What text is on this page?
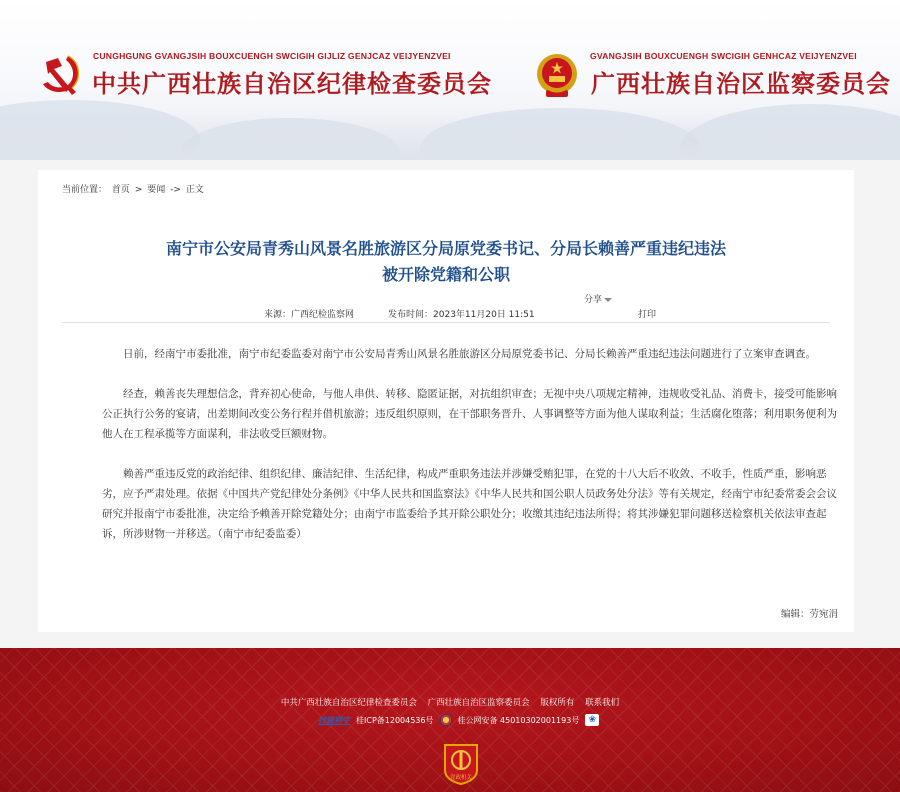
CUNGHGUNG GVANGJSIH BOUXCUENGH SWCIGIH GIJLIZ GENJCAZ VEIJYENZVEI
中共广西壮族自治区纪律检查委员会
GVANGJSIH BOUXCUENGH SWCIGIH GENHCAZ VEIJYENZVEI
广西壮族自治区监察委员会
当前位置： 首页 > 要闻 -> 正文
南宁市公安局青秀山风景名胜旅游区分局原党委书记、分局长赖善严重违纪违法
被开除党籍和公职
分享
来源：广西纪检监察网	发布时间：2023年11月20日 11:51	打印

日前，经南宁市委批准，南宁市纪委监委对南宁市公安局青秀山风景名胜旅游区分局原党委书记、分局长赖善严重违纪违法问题进行了立案审查调查。

经查，赖善丧失理想信念，背弃初心使命，与他人串供、转移、隐匿证据，对抗组织审查；无视中央八项规定精神，违规收受礼品、消费卡，接受可能影响公正执行公务的宴请，出差期间改变公务行程并借机旅游；违反组织原则，在干部职务晋升、人事调整等方面为他人谋取利益；生活腐化堕落；利用职务便利为他人在工程承揽等方面谋利，非法收受巨额财物。

赖善严重违反党的政治纪律、组织纪律、廉洁纪律、生活纪律，构成严重职务违法并涉嫌受贿犯罪，在党的十八大后不收敛、不收手，性质严重，影响恶劣，应予严肃处理。依据《中国共产党纪律处分条例》《中华人民共和国监察法》《中华人民共和国公职人员政务处分法》等有关规定，经南宁市纪委常委会会议研究并报南宁市委批准，决定给予赖善开除党籍处分；由南宁市监委给予其开除公职处分；收缴其违纪违法所得；将其涉嫌犯罪问题移送检察机关依法审查起诉，所涉财物一并移送。（南宁市纪委监委）

编辑：劳宛涓
中共广西壮族自治区纪律检查委员会 广西壮族自治区监察委员会 版权所有 联系我们
找错别字 桂ICP备12004536号	桂公网安备 45010302001193号	❀
党政机关
